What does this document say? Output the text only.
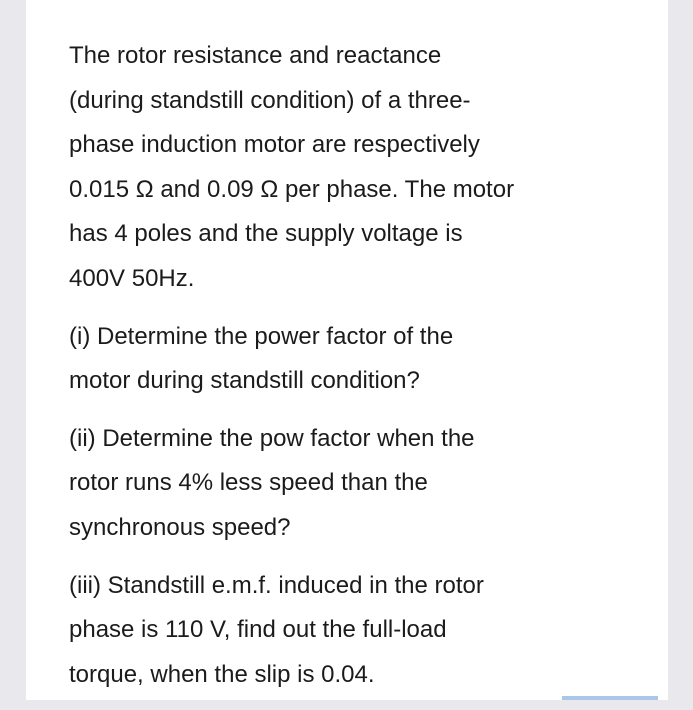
The rotor resistance and reactance
(during standstill condition) of a three-
phase induction motor are respectively
0.015 Ω and 0.09 Ω per phase. The motor
has 4 poles and the supply voltage is
400V 50Hz.

(i) Determine the power factor of the
motor during standstill condition?

(ii) Determine the pow factor when the
rotor runs 4% less speed than the
synchronous speed?

(iii) Standstill e.m.f. induced in the rotor
phase is 110 V, find out the full-load
torque, when the slip is 0.04.
